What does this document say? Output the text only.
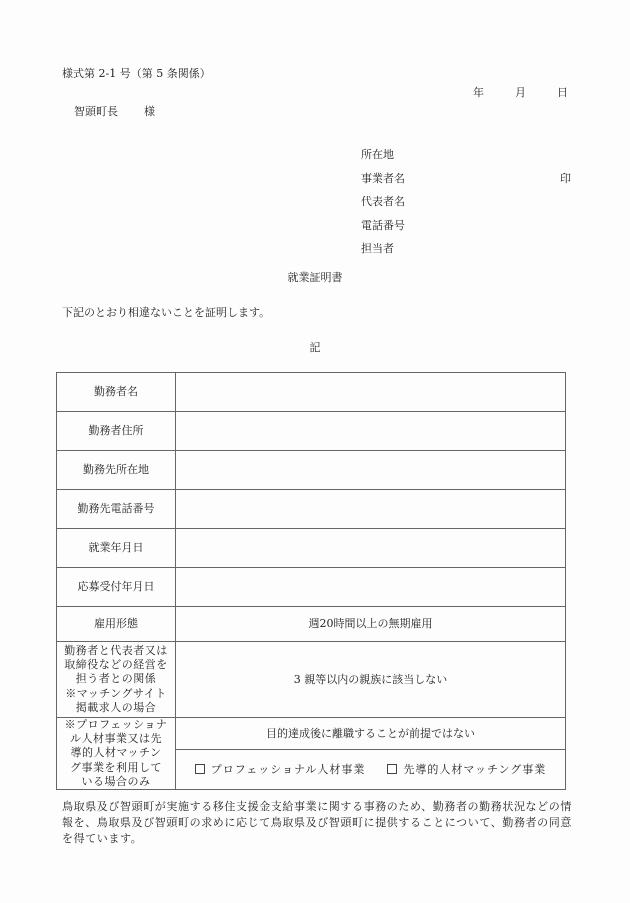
様式第 2-1 号（第 5 条関係）
年	月	日
智頭町長 様
所在地
事業者名	印
代表者名
電話番号
担当者
就業証明書
下記のとおり相違ないことを証明します。
記
勤務者名	
勤務者住所	
勤務先所在地	
勤務先電話番号	
就業年月日	
応募受付年月日	
雇用形態	週20時間以上の無期雇用

勤務者と代表者又は
取締役などの経営を
担う者との関係
※マッチングサイト
掲載求人の場合	3 親等以内の親族に該当しない

※プロフェッショナ
ル人材事業又は先
導的人材マッチン
グ事業を利用して
いる場合のみ	目的達成後に離職することが前提ではない
	プロフェッショナル人材事業 先導的人材マッチング事業
鳥取県及び智頭町が実施する移住支援金支給事業に関する事務のため、勤務者の勤務状況などの情報を、鳥取県及び智頭町の求めに応じて鳥取県及び智頭町に提供することについて、勤務者の同意を得ています。
